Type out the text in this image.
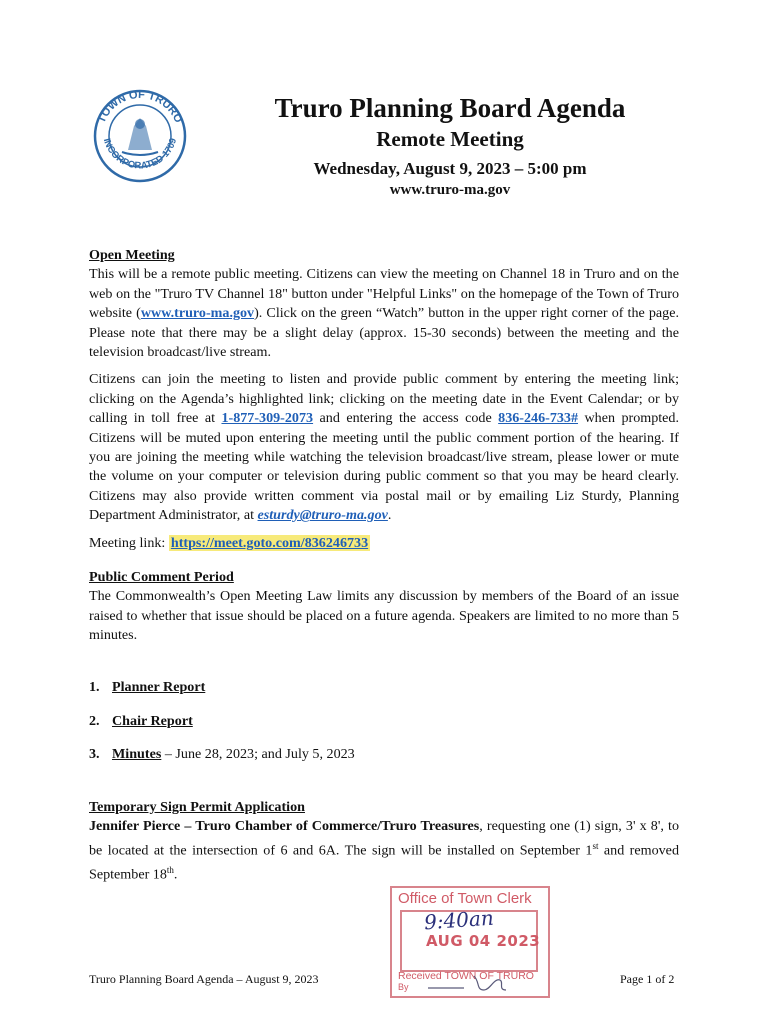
TOWN OF TRURO
INCORPORATED 1709
Truro Planning Board Agenda

Remote Meeting

Wednesday, August 9, 2023 – 5:00 pm

www.truro-ma.gov

Open Meeting

This will be a remote public meeting. Citizens can view the meeting on Channel 18 in Truro and on the web on the "Truro TV Channel 18" button under "Helpful Links" on the homepage of the Town of Truro website (www.truro-ma.gov). Click on the green “Watch” button in the upper right corner of the page. Please note that there may be a slight delay (approx. 15-30 seconds) between the meeting and the television broadcast/live stream.

Citizens can join the meeting to listen and provide public comment by entering the meeting link; clicking on the Agenda’s highlighted link; clicking on the meeting date in the Event Calendar; or by calling in toll free at 1-877-309-2073 and entering the access code 836-246-733# when prompted. Citizens will be muted upon entering the meeting until the public comment portion of the hearing. If you are joining the meeting while watching the television broadcast/live stream, please lower or mute the volume on your computer or television during public comment so that you may be heard clearly. Citizens may also provide written comment via postal mail or by emailing Liz Sturdy, Planning Department Administrator, at esturdy@truro-ma.gov.

Meeting link: https://meet.goto.com/836246733

Public Comment Period

The Commonwealth’s Open Meeting Law limits any discussion by members of the Board of an issue raised to whether that issue should be placed on a future agenda. Speakers are limited to no more than 5 minutes.

1. Planner Report
2. Chair Report
3. Minutes – June 28, 2023; and July 5, 2023

Temporary Sign Permit Application

Jennifer Pierce – Truro Chamber of Commerce/Truro Treasures, requesting one (1) sign, 3' x 8', to be located at the intersection of 6 and 6A. The sign will be installed on September 1st and removed September 18th.

Office of Town Clerk
9:40an
AUG 04 2023
Received TOWN OF TRURO
By
Truro Planning Board Agenda – August 9, 2023	Page 1 of 2
